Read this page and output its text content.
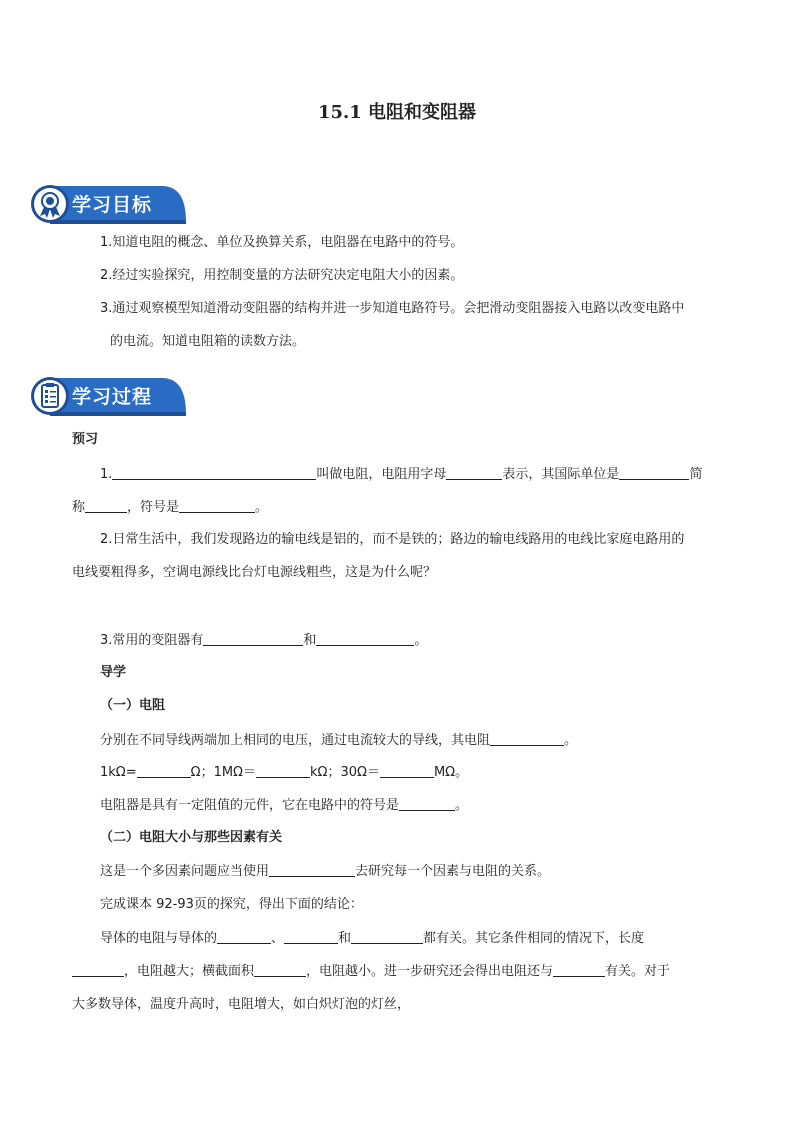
15.1 电阻和变阻器
学习目标
1.知道电阻的概念、单位及换算关系，电阻器在电路中的符号。
2.经过实验探究，用控制变量的方法研究决定电阻大小的因素。
3.通过观察模型知道滑动变阻器的结构并进一步知道电路符号。会把滑动变阻器接入电路以改变电路中
的电流。知道电阻箱的读数方法。
学习过程
预习
1.	叫做电阻，电阻用字母	表示，其国际单位是	简
称	，符号是	。
2.日常生活中，我们发现路边的输电线是铝的，而不是铁的；路边的输电线路用的电线比家庭电路用的
电线要粗得多，空调电源线比台灯电源线粗些，这是为什么呢？
3.常用的变阻器有	和	。
导学
（一）电阻
分别在不同导线两端加上相同的电压，通过电流较大的导线，其电阻	。
1kΩ=	Ω；1MΩ＝	kΩ；30Ω＝	MΩ。
电阻器是具有一定阻值的元件，它在电路中的符号是	。
（二）电阻大小与那些因素有关
这是一个多因素问题应当使用	去研究每一个因素与电阻的关系。
完成课本 92-93页的探究，得出下面的结论：
导体的电阻与导体的	、	和	都有关。其它条件相同的情况下，长度
，电阻越大；横截面积	，电阻越小。进一步研究还会得出电阻还与	有关。对于
大多数导体，温度升高时，电阻增大，如白炽灯泡的灯丝，
